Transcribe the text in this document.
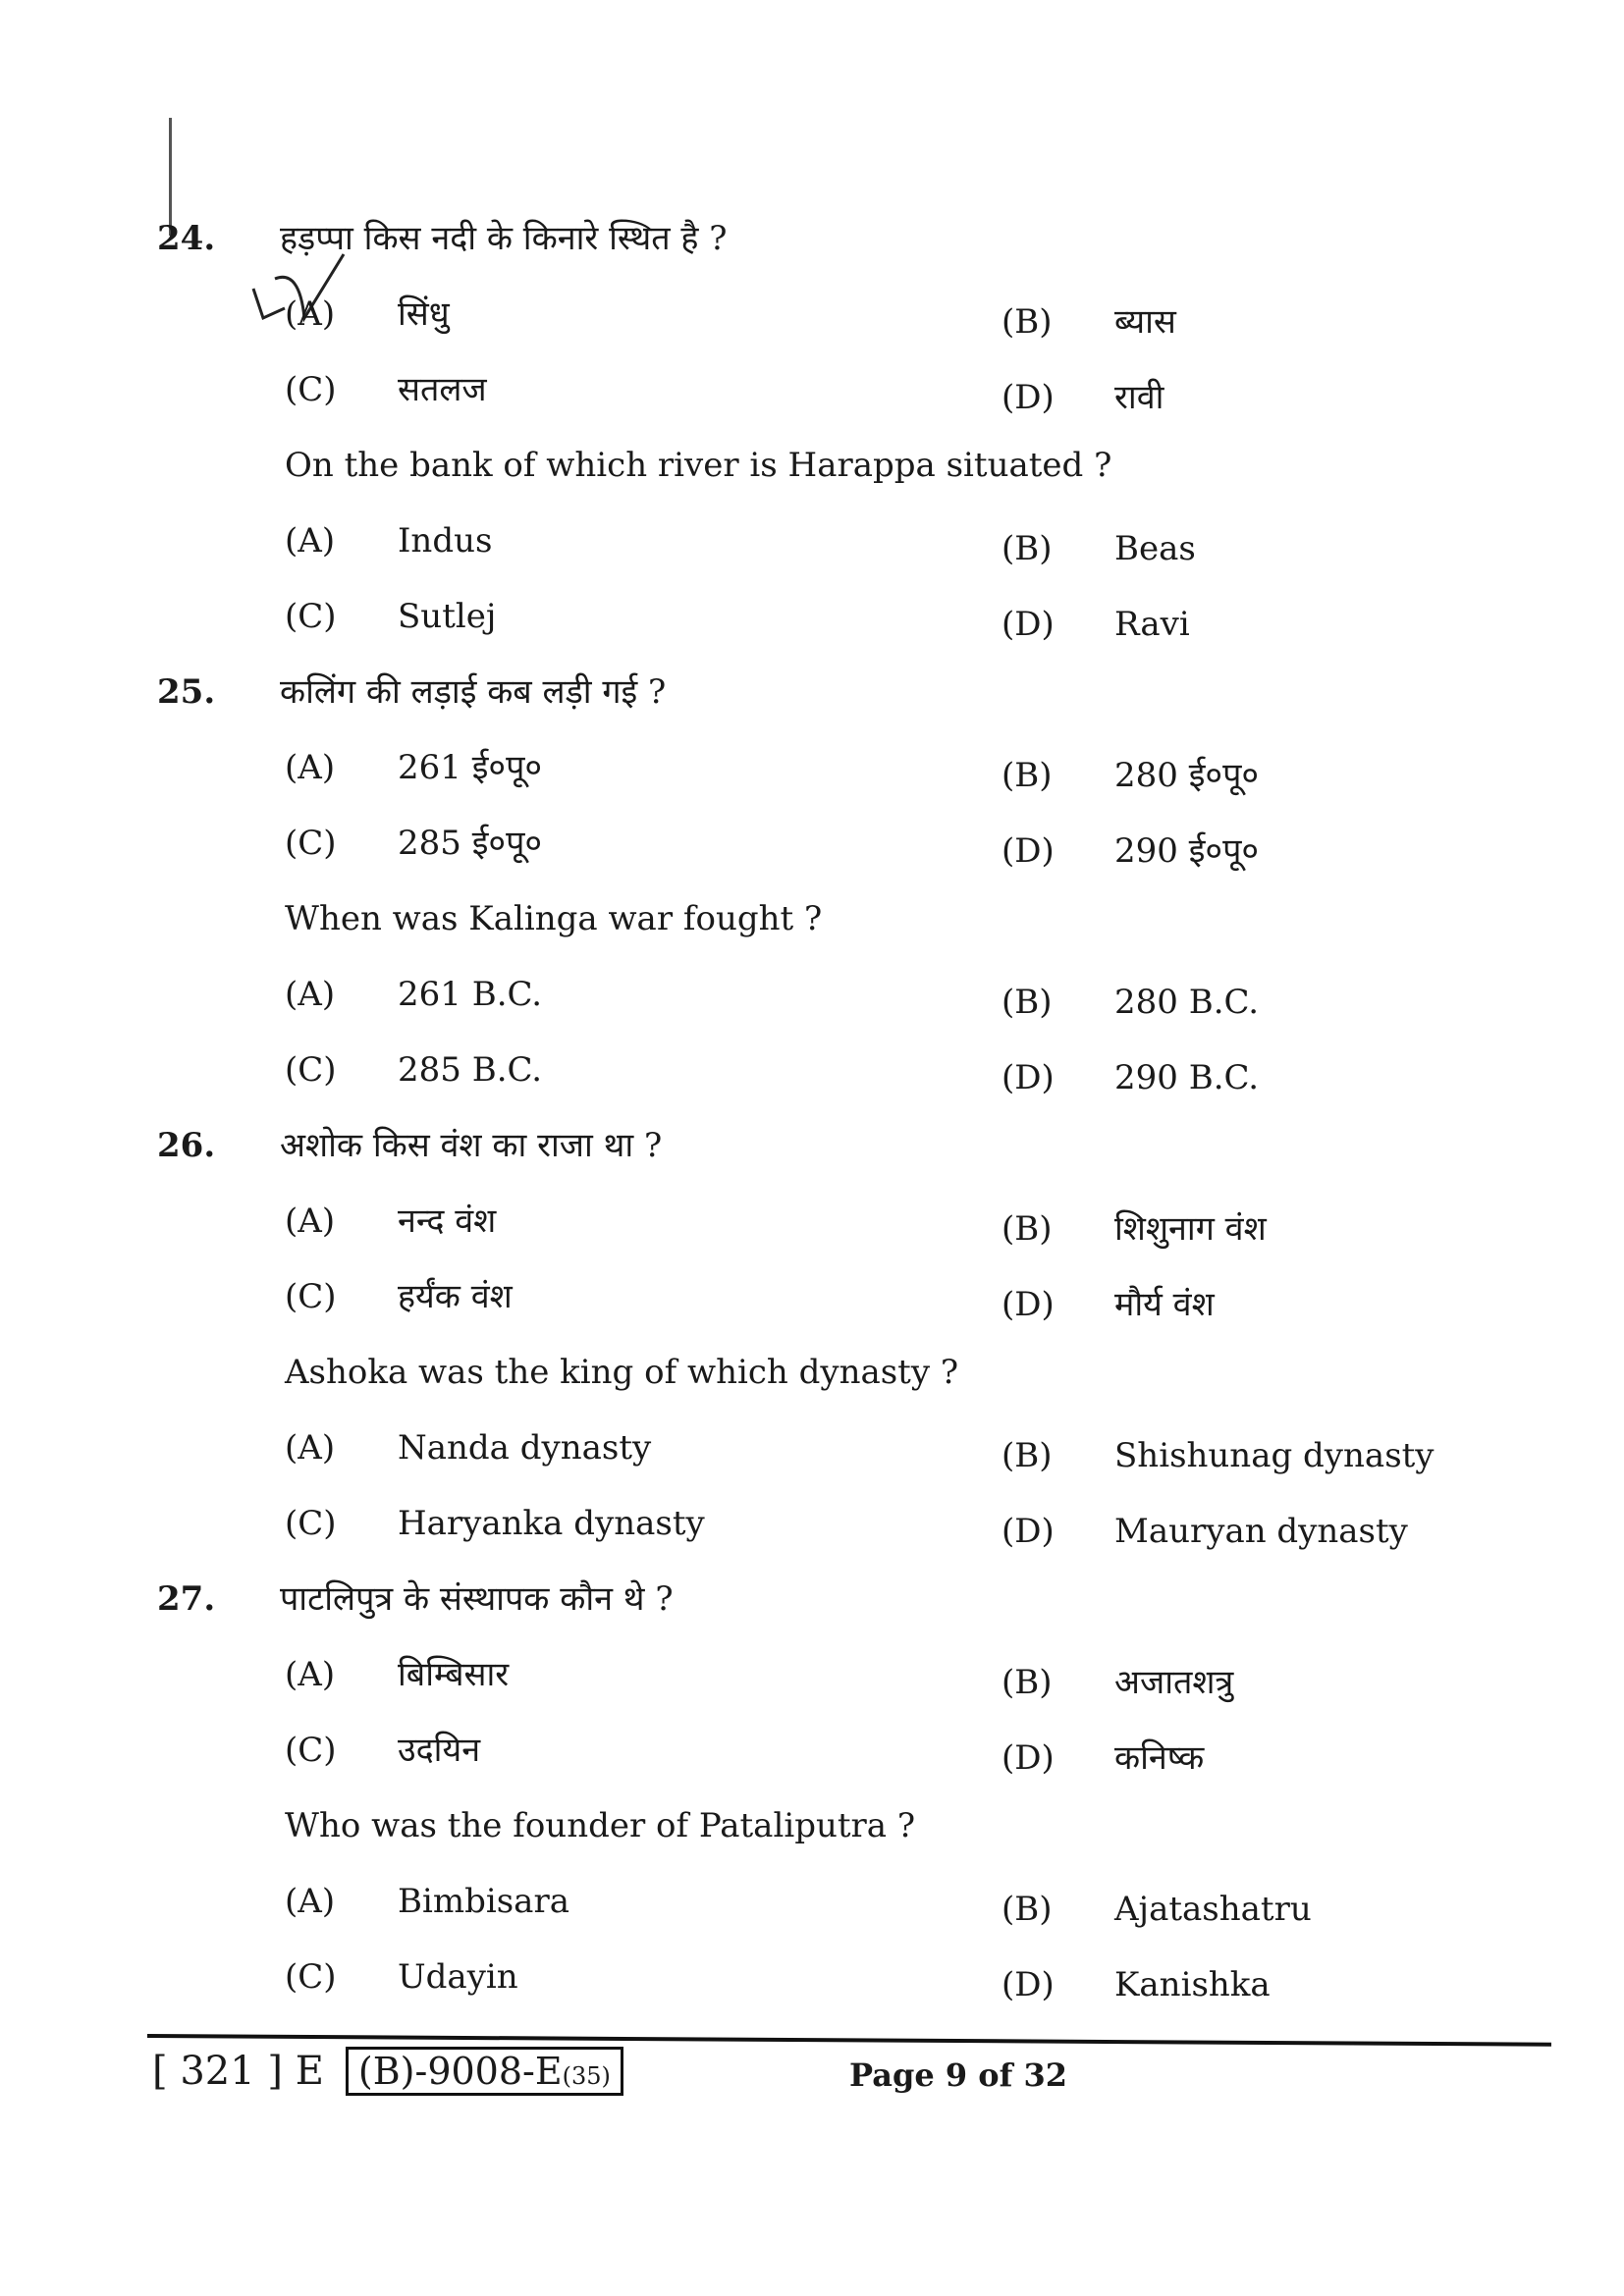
24.	हड़प्पा किस नदी के किनारे स्थित है ?
(A)	सिंधु	(B)	ब्यास
(C)	सतलज	(D)	रावी
On the bank of which river is Harappa situated ?
(A)	Indus	(B)	Beas
(C)	Sutlej	(D)	Ravi
25.	कलिंग की लड़ाई कब लड़ी गई ?
(A)	261 ई०पू०	(B)	280 ई०पू०
(C)	285 ई०पू०	(D)	290 ई०पू०
When was Kalinga war fought ?
(A)	261 B.C.	(B)	280 B.C.
(C)	285 B.C.	(D)	290 B.C.
26.	अशोक किस वंश का राजा था ?
(A)	नन्द वंश	(B)	शिशुनाग वंश
(C)	हर्यंक वंश	(D)	मौर्य वंश
Ashoka was the king of which dynasty ?
(A)	Nanda dynasty	(B)	Shishunag dynasty
(C)	Haryanka dynasty	(D)	Mauryan dynasty
27.	पाटलिपुत्र के संस्थापक कौन थे ?
(A)	बिम्बिसार	(B)	अजातशत्रु
(C)	उदयिन	(D)	कनिष्क
Who was the founder of Pataliputra ?
(A)	Bimbisara	(B)	Ajatashatru
(C)	Udayin	(D)	Kanishka
[ 321 ] E (B)-9008-E(35)	Page 9 of 32
